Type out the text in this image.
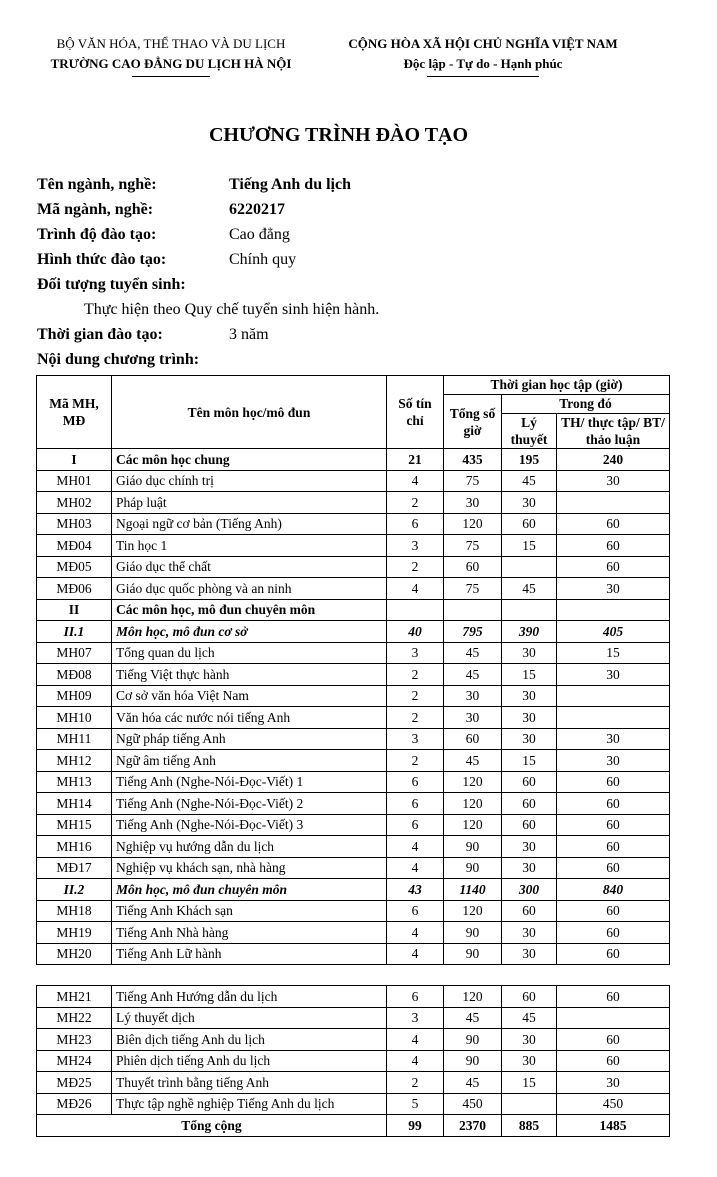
BỘ VĂN HÓA, THỂ THAO VÀ DU LỊCH
TRƯỜNG CAO ĐẲNG DU LỊCH HÀ NỘI
CỘNG HÒA XÃ HỘI CHỦ NGHĨA VIỆT NAM
Độc lập - Tự do - Hạnh phúc
CHƯƠNG TRÌNH ĐÀO TẠO
Tên ngành, nghề:	Tiếng Anh du lịch
Mã ngành, nghề:	6220217
Trình độ đào tạo:	Cao đẳng
Hình thức đào tạo:	Chính quy
Đối tượng tuyển sinh:
Thực hiện theo Quy chế tuyển sinh hiện hành.
Thời gian đào tạo:	3 năm
Nội dung chương trình:
Mã MH, MĐ	Tên môn học/mô đun	Số tín chỉ	Thời gian học tập (giờ)		
			Tổng số giờ	Trong đó	
				Lý thuyết	TH/ thực tập/ BT/ thảo luận
I	Các môn học chung	21	435	195	240
MH01	Giáo dục chính trị	4	75	45	30
MH02	Pháp luật	2	30	30	
MH03	Ngoại ngữ cơ bản (Tiếng Anh)	6	120	60	60
MĐ04	Tin học 1	3	75	15	60
MĐ05	Giáo dục thể chất	2	60		60
MĐ06	Giáo dục quốc phòng và an ninh	4	75	45	30
II	Các môn học, mô đun chuyên môn				
II.1	Môn học, mô đun cơ sở	40	795	390	405
MH07	Tổng quan du lịch	3	45	30	15
MĐ08	Tiếng Việt thực hành	2	45	15	30
MH09	Cơ sở văn hóa Việt Nam	2	30	30	
MH10	Văn hóa các nước nói tiếng Anh	2	30	30	
MH11	Ngữ pháp tiếng Anh	3	60	30	30
MH12	Ngữ âm tiếng Anh	2	45	15	30
MH13	Tiếng Anh (Nghe-Nói-Đọc-Viết) 1	6	120	60	60
MH14	Tiếng Anh (Nghe-Nói-Đọc-Viết) 2	6	120	60	60
MH15	Tiếng Anh (Nghe-Nói-Đọc-Viết) 3	6	120	60	60
MH16	Nghiệp vụ hướng dẫn du lịch	4	90	30	60
MĐ17	Nghiệp vụ khách sạn, nhà hàng	4	90	30	60
II.2	Môn học, mô đun chuyên môn	43	1140	300	840
MH18	Tiếng Anh Khách sạn	6	120	60	60
MH19	Tiếng Anh Nhà hàng	4	90	30	60
MH20	Tiếng Anh Lữ hành	4	90	30	60
MH21	Tiếng Anh Hướng dẫn du lịch	6	120	60	60
MH22	Lý thuyết dịch	3	45	45	
MH23	Biên dịch tiếng Anh du lịch	4	90	30	60
MH24	Phiên dịch tiếng Anh du lịch	4	90	30	60
MĐ25	Thuyết trình bằng tiếng Anh	2	45	15	30
MĐ26	Thực tập nghề nghiệp Tiếng Anh du lịch	5	450		450
Tổng cộng		99	2370	885	1485
